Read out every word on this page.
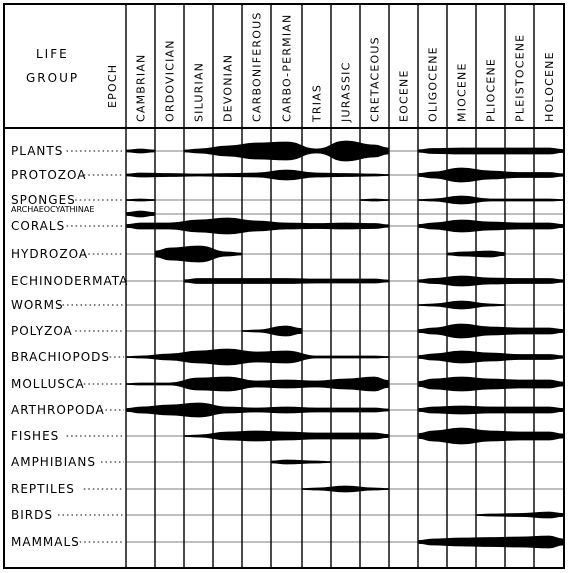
LIFE
GROUP EPOCH CAMBRIAN ORDOVICIAN SILURIAN DEVONIAN CARBONIFEROUS CARBO-PERMIAN TRIAS JURASSIC CRETACEOUS EOCENE OLIGOCENE MIOCENE PLIOCENE PLEISTOCENE HOLOCENE
PLANTS
PROTOZOA
SPONGES
ARCHAEOCYATHINAE
CORALS
HYDROZOA
ECHINODERMATA
WORMS
POLYZOA
BRACHIOPODS
MOLLUSCA
ARTHROPODA
FISHES
AMPHIBIANS
REPTILES
BIRDS
MAMMALS
